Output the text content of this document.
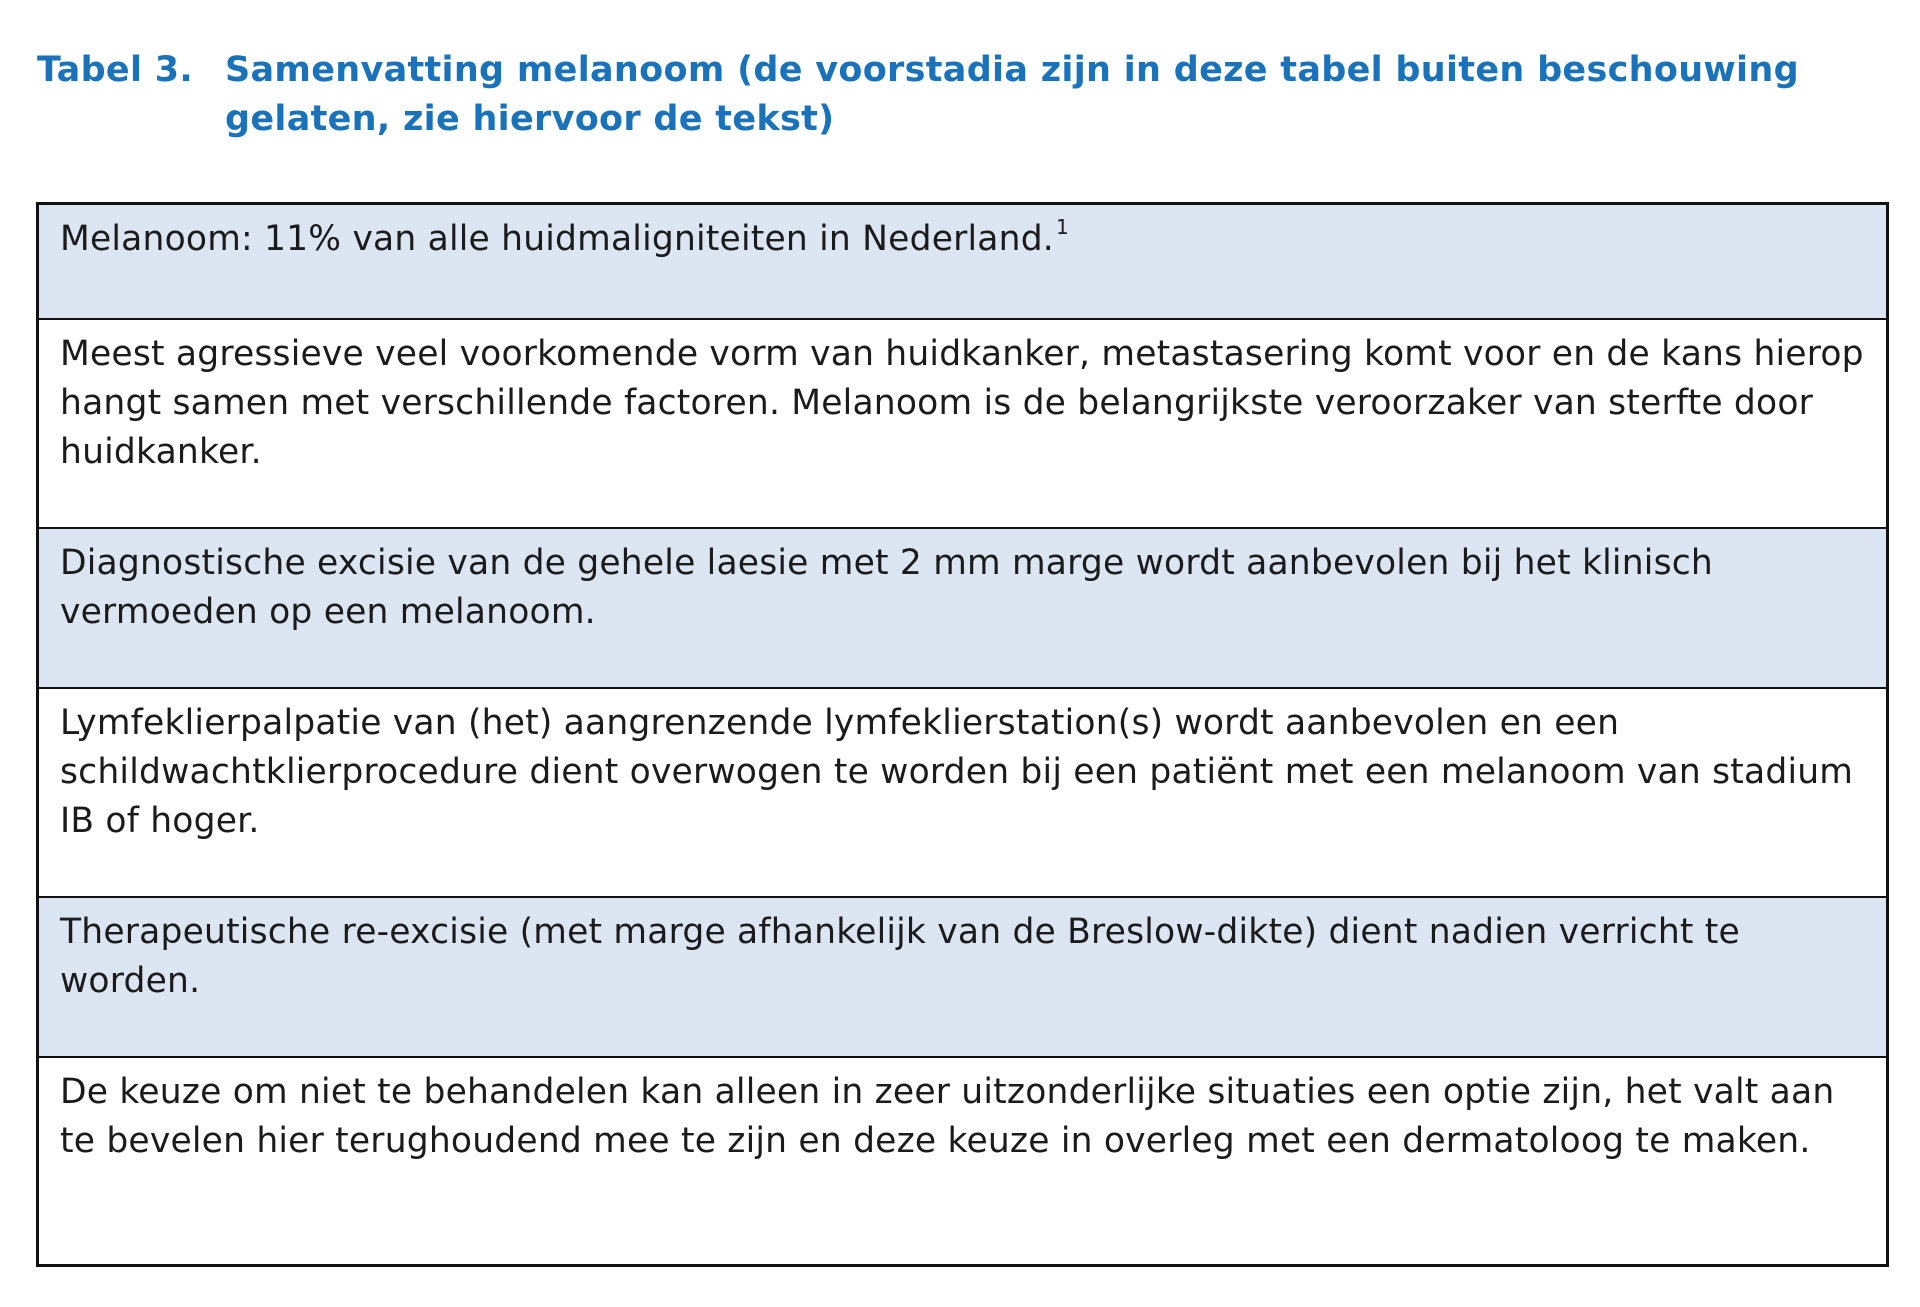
Tabel 3. Samenvatting melanoom (de voorstadia zijn in deze tabel buiten beschouwing gelaten, zie hiervoor de tekst)
Melanoom: 11% van alle huidmaligniteiten in Nederland. $^1$
Meest agressieve veel voorkomende vorm van huidkanker, metastasering komt voor en de kans hierop hangt samen met verschillende factoren. Melanoom is de belangrijkste veroorzaker van sterfte door huidkanker.
Diagnostische excisie van de gehele laesie met 2 mm marge wordt aanbevolen bij het klinisch vermoeden op een melanoom.
Lymfeklierpalpatie van (het) aangrenzende lymfeklierstation(s) wordt aanbevolen en een schildwachtklierprocedure dient overwogen te worden bij een patiënt met een melanoom van stadium IB of hoger.
Therapeutische re-excisie (met marge afhankelijk van de Breslow-dikte) dient nadien verricht te worden.
De keuze om niet te behandelen kan alleen in zeer uitzonderlijke situaties een optie zijn, het valt aan te bevelen hier terughoudend mee te zijn en deze keuze in overleg met een dermatoloog te maken.
